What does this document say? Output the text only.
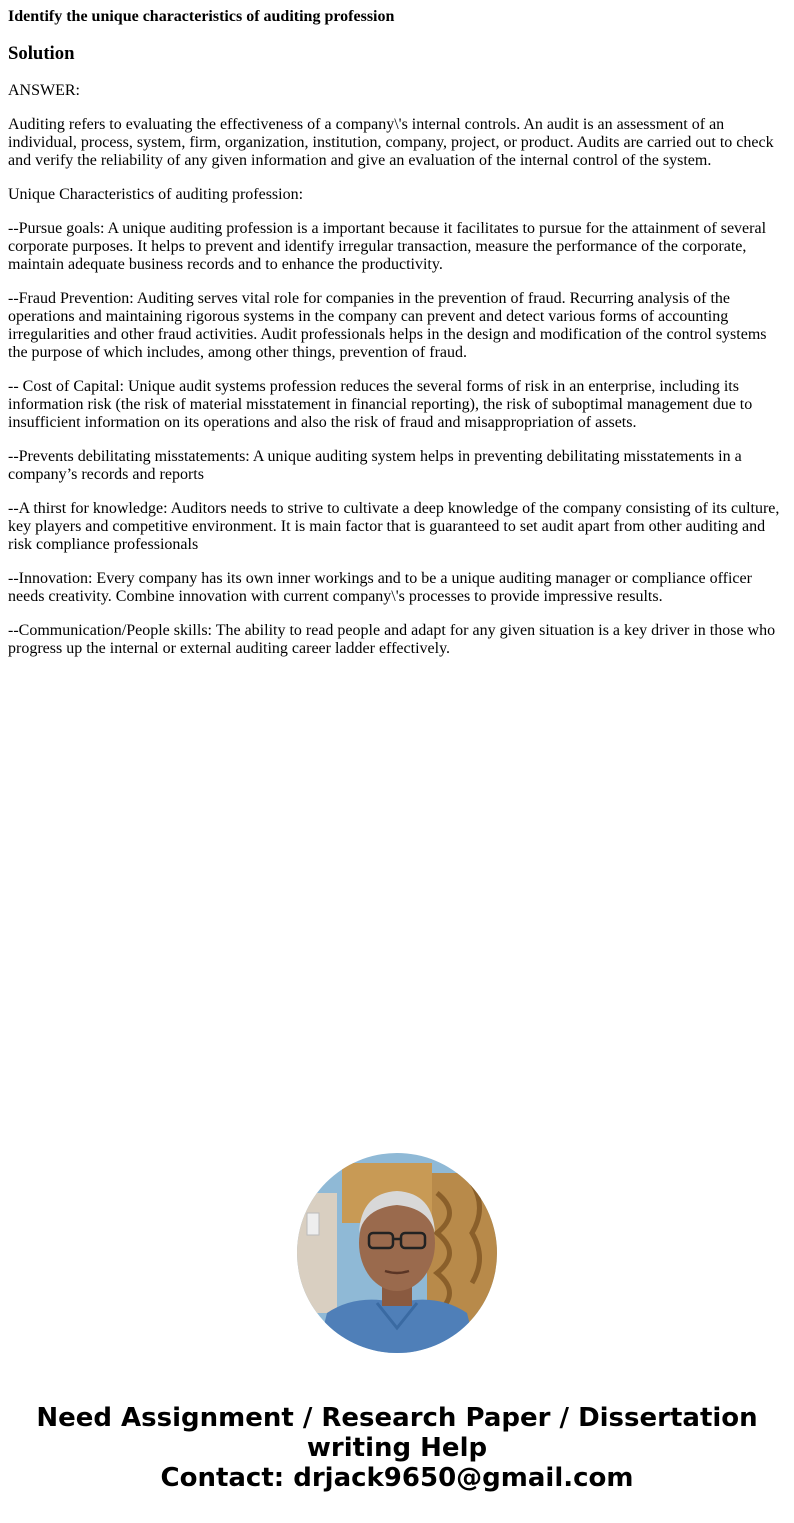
Identify the unique characteristics of auditing profession
Solution

ANSWER:

Auditing refers to evaluating the effectiveness of a company\'s internal controls. An audit is an assessment of an individual, process, system, firm, organization, institution, company, project, or product. Audits are carried out to check and verify the reliability of any given information and give an evaluation of the internal control of the system.

Unique Characteristics of auditing profession:

--Pursue goals: A unique auditing profession is a important because it facilitates to pursue for the attainment of several corporate purposes. It helps to prevent and identify irregular transaction, measure the performance of the corporate, maintain adequate business records and to enhance the productivity.

--Fraud Prevention: Auditing serves vital role for companies in the prevention of fraud. Recurring analysis of the operations and maintaining rigorous systems in the company can prevent and detect various forms of accounting irregularities and other fraud activities. Audit professionals helps in the design and modification of the control systems the purpose of which includes, among other things, prevention of fraud.

-- Cost of Capital: Unique audit systems profession reduces the several forms of risk in an enterprise, including its information risk (the risk of material misstatement in financial reporting), the risk of suboptimal management due to insufficient information on its operations and also the risk of fraud and misappropriation of assets.

--Prevents debilitating misstatements: A unique auditing system helps in preventing debilitating misstatements in a company’s records and reports

--A thirst for knowledge: Auditors needs to strive to cultivate a deep knowledge of the company consisting of its culture, key players and competitive environment. It is main factor that is guaranteed to set audit apart from other auditing and risk compliance professionals

--Innovation: Every company has its own inner workings and to be a unique auditing manager or compliance officer needs creativity. Combine innovation with current company\'s processes to provide impressive results.

--Communication/People skills: The ability to read people and adapt for any given situation is a key driver in those who progress up the internal or external auditing career ladder effectively.

Need Assignment / Research Paper / Dissertation
writing Help
Contact: drjack9650@gmail.com
